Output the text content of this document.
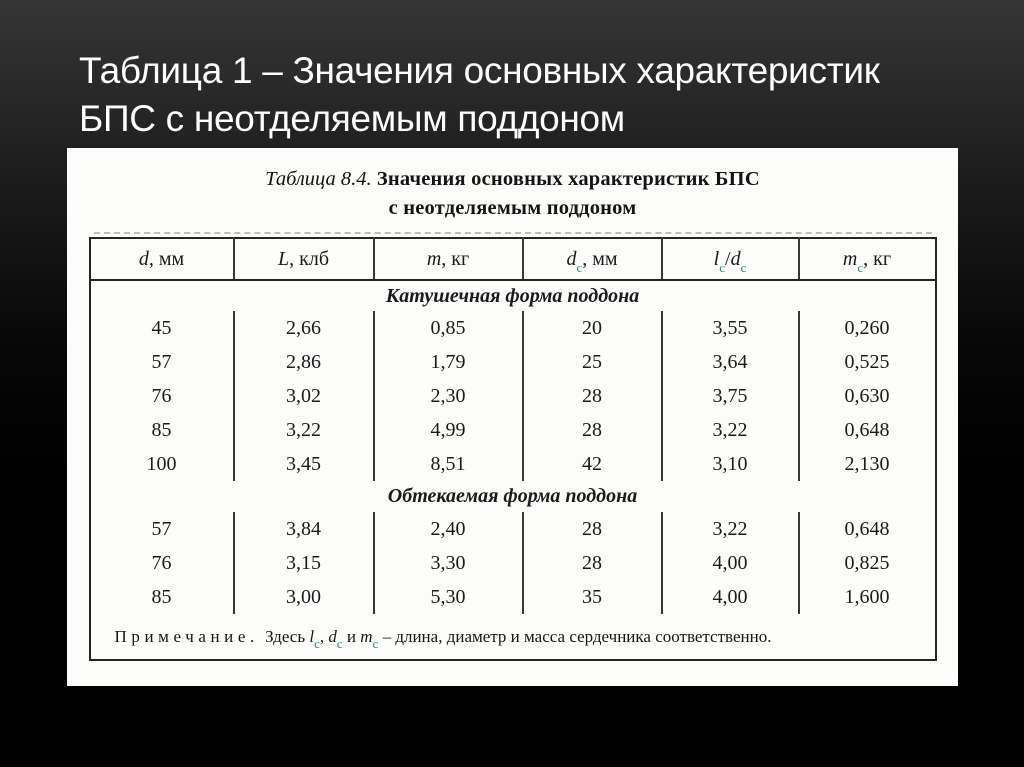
Таблица 1 – Значения основных характеристик
БПС с неотделяемым поддоном
Таблица 8.4. Значения основных характеристик БПС
с неотделяемым поддоном
d, мм	L, клб	m, кг	$d_с$, мм	$l_с/d_с$	$m_с$, кг
Катушечная форма поддона					
45	2,66	0,85	20	3,55	0,260
57	2,86	1,79	25	3,64	0,525
76	3,02	2,30	28	3,75	0,630
85	3,22	4,99	28	3,22	0,648
100	3,45	8,51	42	3,10	2,130
Обтекаемая форма поддона					
57	3,84	2,40	28	3,22	0,648
76	3,15	3,30	28	4,00	0,825
85	3,00	5,30	35	4,00	1,600
Примечание. Здесь $l_с$, $d_с$ и $m_с$ – длина, диаметр и масса сердечника соответственно.					
